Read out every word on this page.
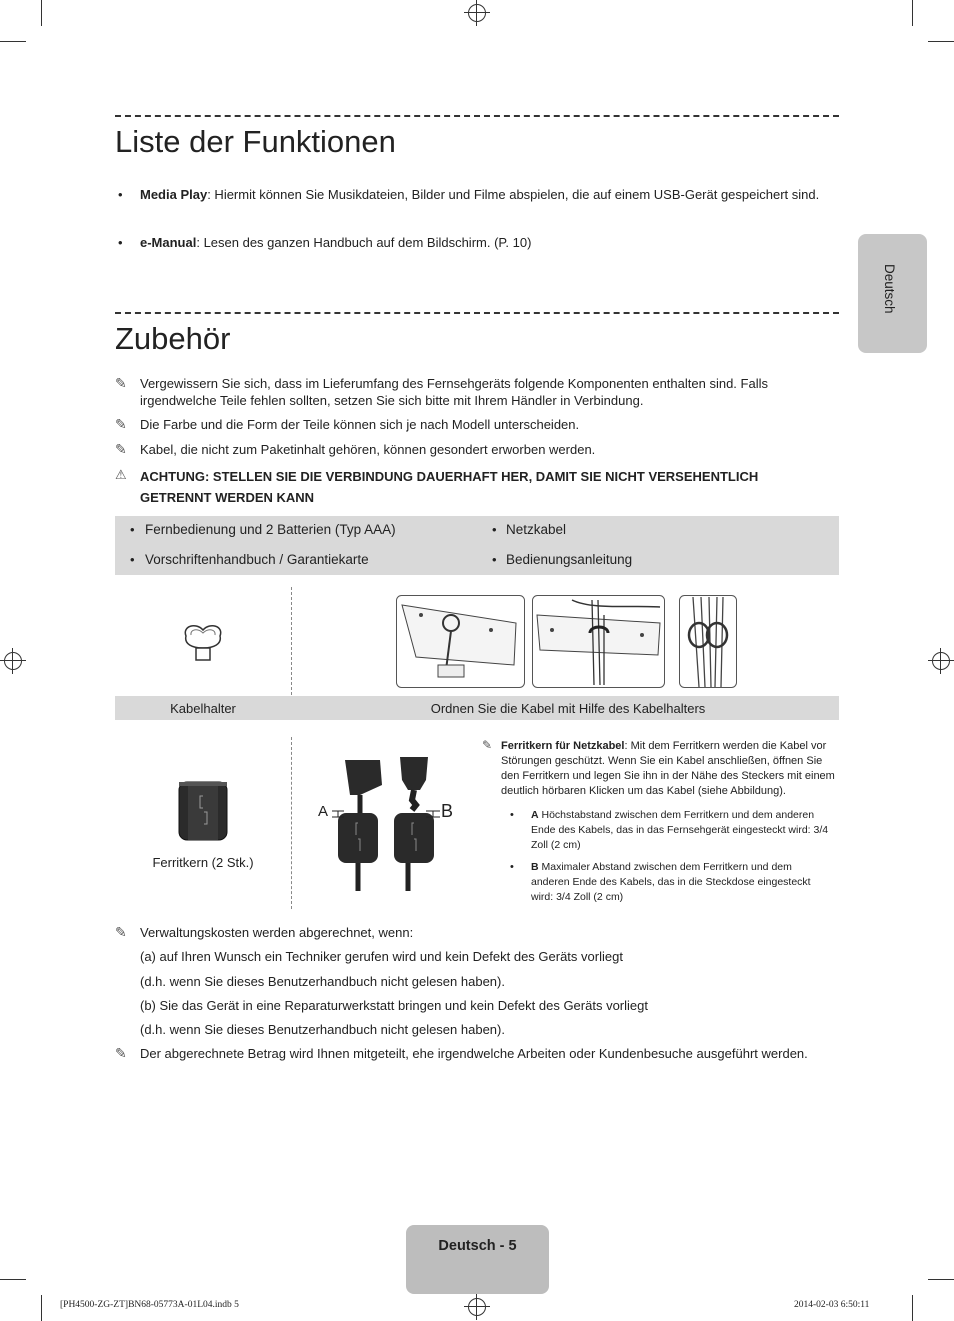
Liste der Funktionen
• Media Play: Hiermit können Sie Musikdateien, Bilder und Filme abspielen, die auf einem USB-Gerät gespeichert sind.
• e-Manual: Lesen des ganzen Handbuch auf dem Bildschirm. (P. 10)
Deutsch
Zubehör
✎ Vergewissern Sie sich, dass im Lieferumfang des Fernsehgeräts folgende Komponenten enthalten sind. Falls irgendwelche Teile fehlen sollten, setzen Sie sich bitte mit Ihrem Händler in Verbindung.
✎ Die Farbe und die Form der Teile können sich je nach Modell unterscheiden.
✎ Kabel, die nicht zum Paketinhalt gehören, können gesondert erworben werden.
⚠ ACHTUNG: STELLEN SIE DIE VERBINDUNG DAUERHAFT HER, DAMIT SIE NICHT VERSEHENTLICH GETRENNT WERDEN KANN
• Fernbedienung und 2 Batterien (Typ AAA)	• Netzkabel
• Vorschriftenhandbuch / Garantiekarte	• Bedienungsanleitung
Kabelhalter	Ordnen Sie die Kabel mit Hilfe des Kabelhalters
Ferritkern (2 Stk.)
A	B
✎ Ferritkern für Netzkabel: Mit dem Ferritkern werden die Kabel vor Störungen geschützt. Wenn Sie ein Kabel anschließen, öffnen Sie den Ferritkern und legen Sie ihn in der Nähe des Steckers mit einem deutlich hörbaren Klicken um das Kabel (siehe Abbildung).
• A Höchstabstand zwischen dem Ferritkern und dem anderen Ende des Kabels, das in das Fernsehgerät eingesteckt wird: 3/4 Zoll (2 cm)
• B Maximaler Abstand zwischen dem Ferritkern und dem anderen Ende des Kabels, das in die Steckdose eingesteckt wird: 3/4 Zoll (2 cm)
✎ Verwaltungskosten werden abgerechnet, wenn:
(a) auf Ihren Wunsch ein Techniker gerufen wird und kein Defekt des Geräts vorliegt
(d.h. wenn Sie dieses Benutzerhandbuch nicht gelesen haben).
(b) Sie das Gerät in eine Reparaturwerkstatt bringen und kein Defekt des Geräts vorliegt
(d.h. wenn Sie dieses Benutzerhandbuch nicht gelesen haben).
✎ Der abgerechnete Betrag wird Ihnen mitgeteilt, ehe irgendwelche Arbeiten oder Kundenbesuche ausgeführt werden.
Deutsch - 5
[PH4500-ZG-ZT]BN68-05773A-01L04.indb 5	2014-02-03 6:50:11
